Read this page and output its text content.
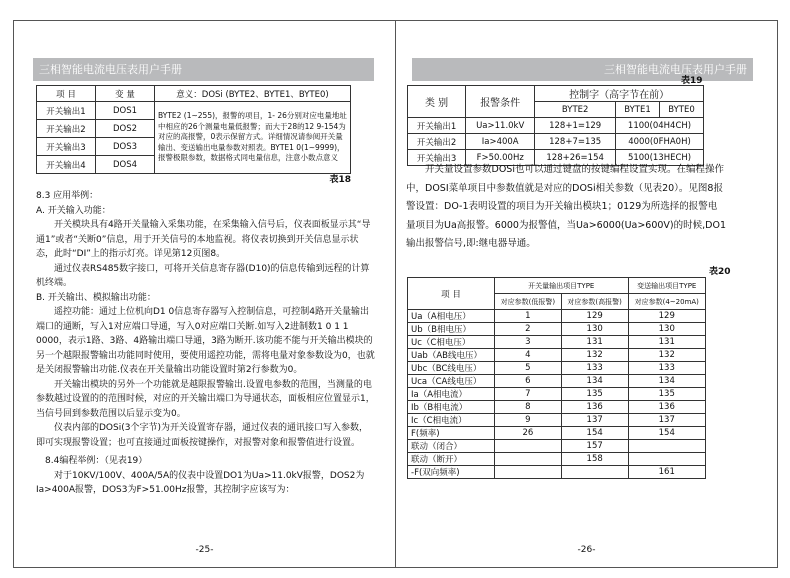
三相智能电流电压表用户手册
项 目	变 量	意义：DOSi (BYTE2、BYTE1、BYTE0)
开关输出1	DOS1	BYTE2 (1~255)，报警的项目，1- 26分别对应电量地址中相应的26个测量电量低报警；而大于28的12 9-154为对应的高报警，0表示保留方式。详细情况请参阅开关量输出、变送输出电量参数对照表。BYTE1 0(1~9999)，报警极限参数，数据格式同电量信息，注意小数点意义
开关输出2	DOS2	
开关输出3	DOS3	
开关输出4	DOS4	
表18
8.3 应用举例：
A. 开关输入功能：
开关模块具有4路开关量输入采集功能，在采集输入信号后，仪表面板显示其“导通1”或者“关断0”信息，用于开关信号的本地监视。将仪表切换到开关信息显示状态，此时“DI”上的指示灯亮。详见第12页图8。
通过仪表RS485数字接口，可将开关信息寄存器(D10)的信息传输到远程的计算机终端。
B. 开关输出、模拟输出功能：
遥控功能：通过上位机向D1 0信息寄存器写入控制信息，可控制4路开关量输出端口的通断，写入1对应端口导通，写入0对应端口关断.如写入2进制数1 0 1 1 0000，表示1路、3路、4路输出端口导通，3路为断开.该功能不能与开关输出模块的另一个越限报警输出功能同时使用，要使用遥控功能，需将电量对象参数设为0，也就是关闭报警输出功能.仪表在开关量输出功能设置时第2行参数为0。
开关输出模块的另外一个功能就是越限报警输出.设置电参数的范围，当测量的电参数越过设置的的范围时候，对应的开关输出端口为导通状态，面板相应位置显示1，当信号回到参数范围以后显示变为0。
仪表内部的DOSi(3个字节)为开关设置寄存器，通过仪表的通讯接口写入参数，即可实现报警设置；也可直接通过面板按键操作，对报警对象和报警值进行设置。
8.4编程举例：（见表19）
对于10KV/100V、400A/5A的仪表中设置DO1为Ua>11.0kV报警，DOS2为Ia>400A报警，DOS3为F>51.00Hz报警，其控制字应该写为：
-25-
三相智能电流电压表用户手册
表19
类 别	报警条件	控制字（高字节在前）		
		BYTE2	BYTE1	BYTE0
开关输出1	Ua>11.0kV	128+1=129	1100(04H4CH)	
开关输出2	Ia>400A	128+7=135	4000(0FHA0H)	
开关输出3	F>50.00Hz	128+26=154	5100(13HECH)	
开关量设置参数DOSi也可以通过键盘的按键编程设置实现。在编程操作中，DOSI菜单项目中参数值就是对应的DOSi相关参数（见表20）。见图8报警设置：DO-1表明设置的项目为开关输出模块1；0129为所选择的报警电量项目为Ua高报警。6000为报警值，当Ua>6000(Ua>600V)的时候,DO1输出报警信号,即:继电器导通。
表20
项 目	开关量输出项目TYPE		变送输出项目TYPE
	对应参数(低报警)	对应参数(高报警)	对应参数(4~20mA)
Ua（A相电压）	1	129	129
Ub（B相电压）	2	130	130
Uc（C相电压）	3	131	131
Uab（AB线电压）	4	132	132
Ubc（BC线电压）	5	133	133
Uca（CA线电压）	6	134	134
Ia（A相电流）	7	135	135
Ib（B相电流）	8	136	136
Ic（C相电流）	9	137	137
F(频率)	26	154	154
联动（闭合）		157	
联动（断开）		158	
-F(双向频率)			161
-26-
